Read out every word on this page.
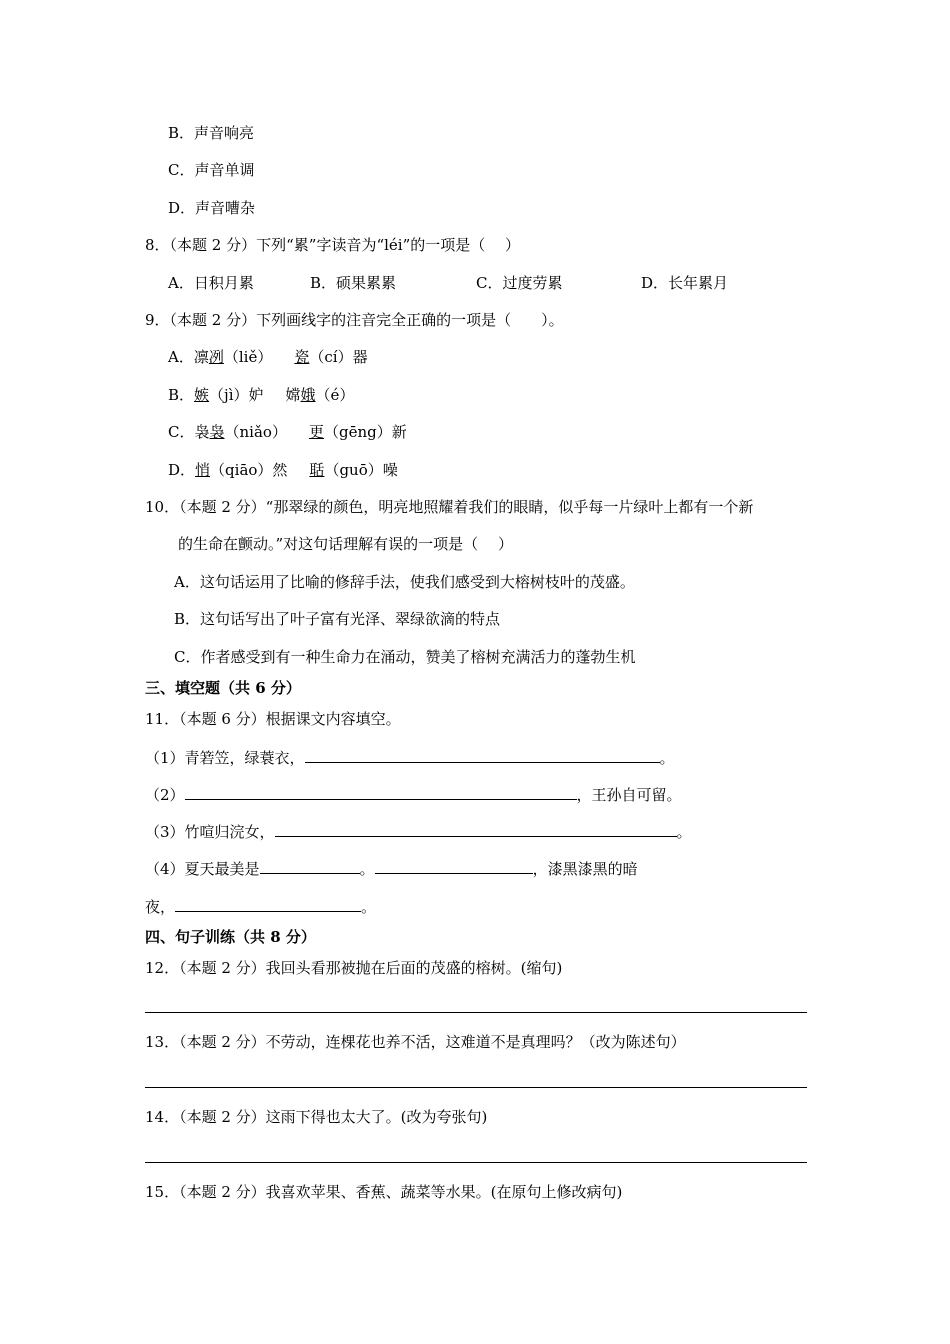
B．声音响亮
C．声音单调
D．声音嘈杂
8．（本题 2 分）下列“累”字读音为“léi”的一项是（　 ）
A．日积月累	B．硕果累累	C．过度劳累	D．长年累月
9．（本题 2 分）下列画线字的注音完全正确的一项是（　　）。
A．凛冽（liě） 瓷（cí）器
B．嫉（jì）妒 嫦娥（é）
C．袅袅（niǎo） 更（gēng）新
D．悄（qiāo）然 聒（guō）噪
10．（本题 2 分）“那翠绿的颜色，明亮地照耀着我们的眼睛，似乎每一片绿叶上都有一个新
的生命在颤动。”对这句话理解有误的一项是（　 ）
A．这句话运用了比喻的修辞手法，使我们感受到大榕树枝叶的茂盛。
B．这句话写出了叶子富有光泽、翠绿欲滴的特点
C．作者感受到有一种生命力在涌动，赞美了榕树充满活力的蓬勃生机
三、填空题（共 6 分）
11．（本题 6 分）根据课文内容填空。
（1）青箬笠，绿蓑衣，	。
（2）	，王孙自可留。
（3）竹喧归浣女，	。
（4）夏天最美是	。	，漆黑漆黑的暗
夜，	。
四、句子训练（共 8 分）
12．（本题 2 分）我回头看那被抛在后面的茂盛的榕树。(缩句)
13．（本题 2 分）不劳动，连棵花也养不活，这难道不是真理吗？（改为陈述句）
14．（本题 2 分）这雨下得也太大了。(改为夸张句)
15．（本题 2 分）我喜欢苹果、香蕉、蔬菜等水果。(在原句上修改病句)
